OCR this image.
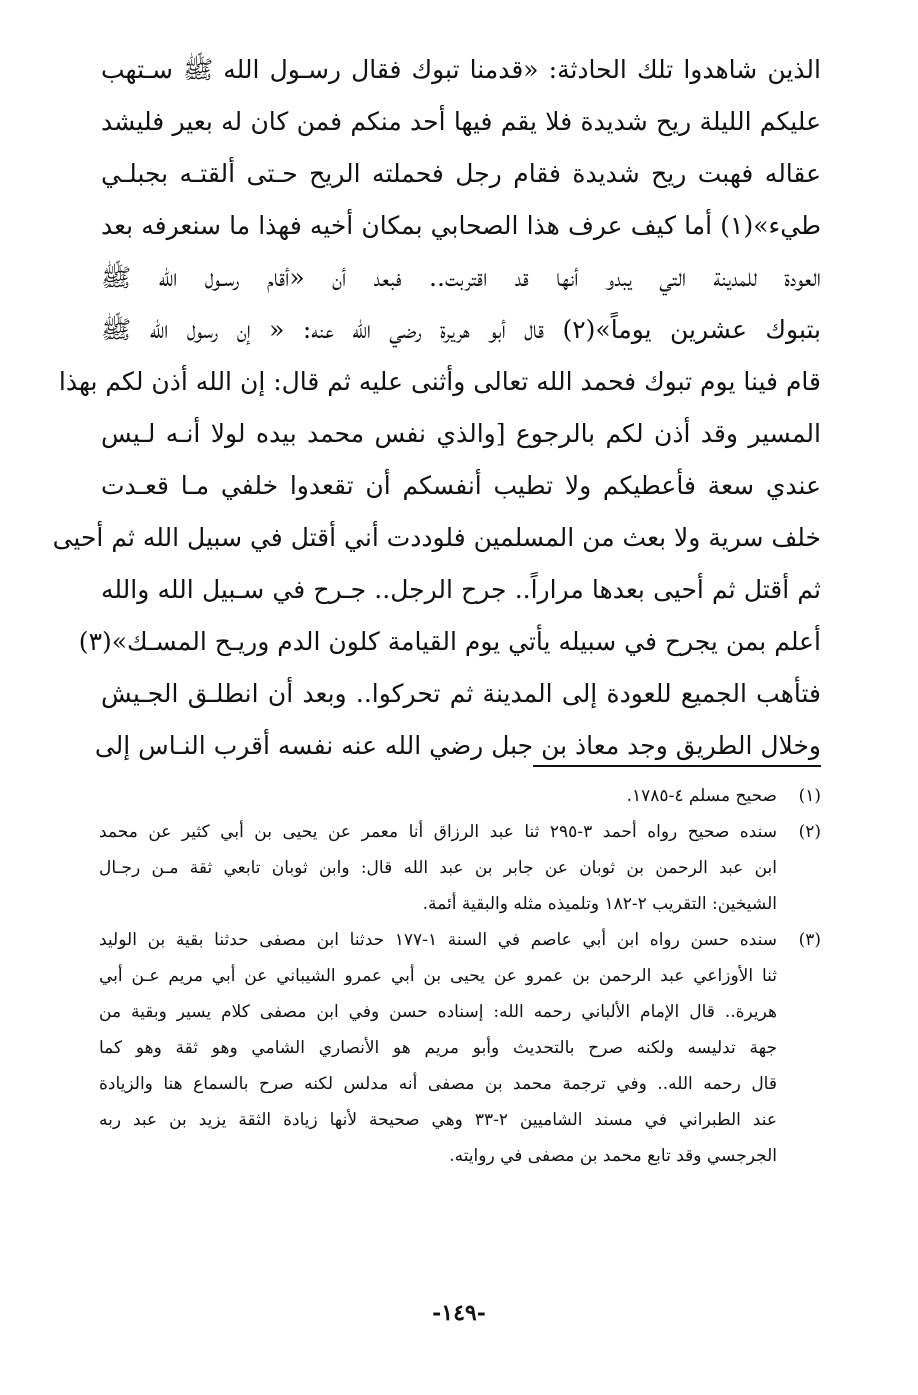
الذين شاهدوا تلك الحادثة: «قدمنا تبوك فقال رسـول الله ﷺ سـتهب
عليكم الليلة ريح شديدة فلا يقم فيها أحد منكم فمن كان له بعير فليشد
عقاله فهبت ريح شديدة فقام رجل فحملته الريح حـتى ألقتـه بجبلـي
طيء»(١) أما كيف عرف هذا الصحابي بمكان أخيه فهذا ما سنعرفه بعد
العودة للمدينة التي يبدو أنها قد اقتربت.. فبعد أن «أقام رسـول الله ﷺ
بتبوك عشرين يوماً»(٢) قال أبو هريرة رضي الله عنه: « إن رسول الله ﷺ
قام فينا يوم تبوك فحمد الله تعالى وأثنى عليه ثم قال: إن الله أذن لكم بهذا
المسير وقد أذن لكم بالرجوع [والذي نفس محمد بيده لولا أنـه لـيس
عندي سعة فأعطيكم ولا تطيب أنفسكم أن تقعدوا خلفي مـا قعـدت
خلف سرية ولا بعث من المسلمين فلوددت أني أقتل في سبيل الله ثم أحيى
ثم أقتل ثم أحيى بعدها مراراً.. جرح الرجل.. جـرح في سـبيل الله والله
أعلم بمن يجرح في سبيله يأتي يوم القيامة كلون الدم وريـح المسـك»(٣)
فتأهب الجميع للعودة إلى المدينة ثم تحركوا.. وبعد أن انطلـق الجـيش
وخلال الطريق وجد معاذ بن جبل رضي الله عنه نفسه أقرب النـاس إلى
(١)
صحيح مسلم ٤-١٧٨٥.
(٢)
سنده صحيح رواه أحمد ٣-٢٩٥ ثنا عبد الرزاق أنا معمر عن يحيى بن أبي كثير عن محمد
ابن عبد الرحمن بن ثوبان عن جابر بن عبد الله قال: وابن ثوبان تابعي ثقة مـن رجـال
الشيخين: التقريب ٢-١٨٢ وتلميذه مثله والبقية أئمة.
(٣)
سنده حسن رواه ابن أبي عاصم في السنة ١-١٧٧ حدثنا ابن مصفى حدثنا بقية بن الوليد
ثنا الأوزاعي عبد الرحمن بن عمرو عن يحيى بن أبي عمرو الشيباني عن أبي مريم عـن أبي
هريرة.. قال الإمام الألباني رحمه الله: إسناده حسن وفي ابن مصفى كلام يسير وبقية من
جهة تدليسه ولكنه صرح بالتحديث وأبو مريم هو الأنصاري الشامي وهو ثقة وهو كما
قال رحمه الله.. وفي ترجمة محمد بن مصفى أنه مدلس لكنه صرح بالسماع هنا والزيادة
عند الطبراني في مسند الشاميين ٢-٣٣ وهي صحيحة لأنها زيادة الثقة يزيد بن عبد ربه
الجرجسي وقد تابع محمد بن مصفى في روايته.
-١٤٩-
